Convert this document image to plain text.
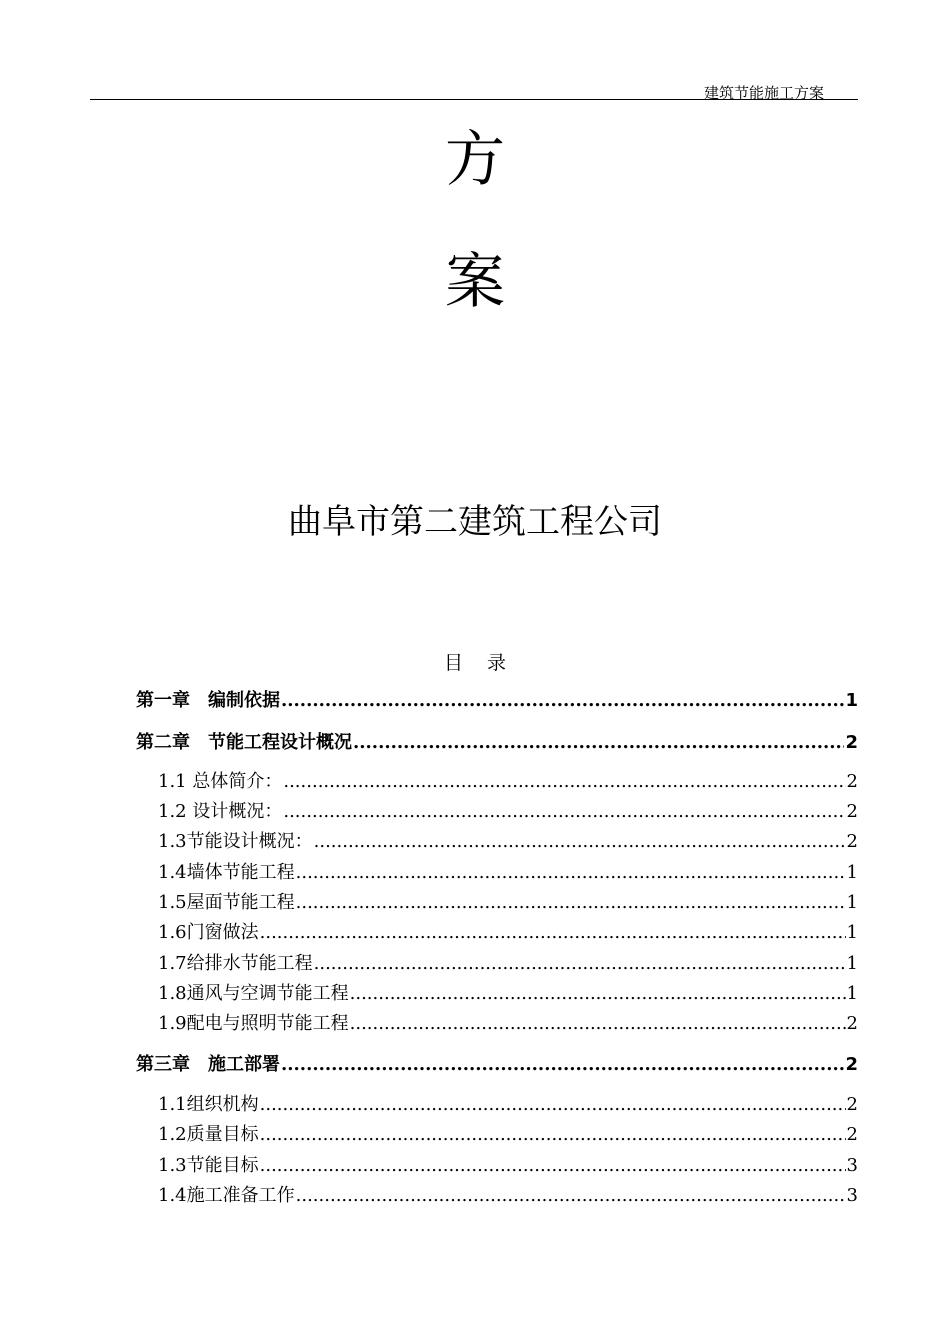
建筑节能施工方案
方
案
曲阜市第二建筑工程公司
目录
第一章　编制依据 .....	1
第二章　节能工程设计概况 .....	2
1.1 总体简介： .....	2
1.2 设计概况： .....	2
1.3节能设计概况： .....	2
1.4墙体节能工程 .....	1
1.5屋面节能工程 .....	1
1.6门窗做法 .....	1
1.7给排水节能工程 .....	1
1.8通风与空调节能工程 .....	1
1.9配电与照明节能工程 .....	2
第三章　施工部署 .....	2
1.1组织机构 .....	2
1.2质量目标 .....	2
1.3节能目标 .....	3
1.4施工准备工作 .....	3
